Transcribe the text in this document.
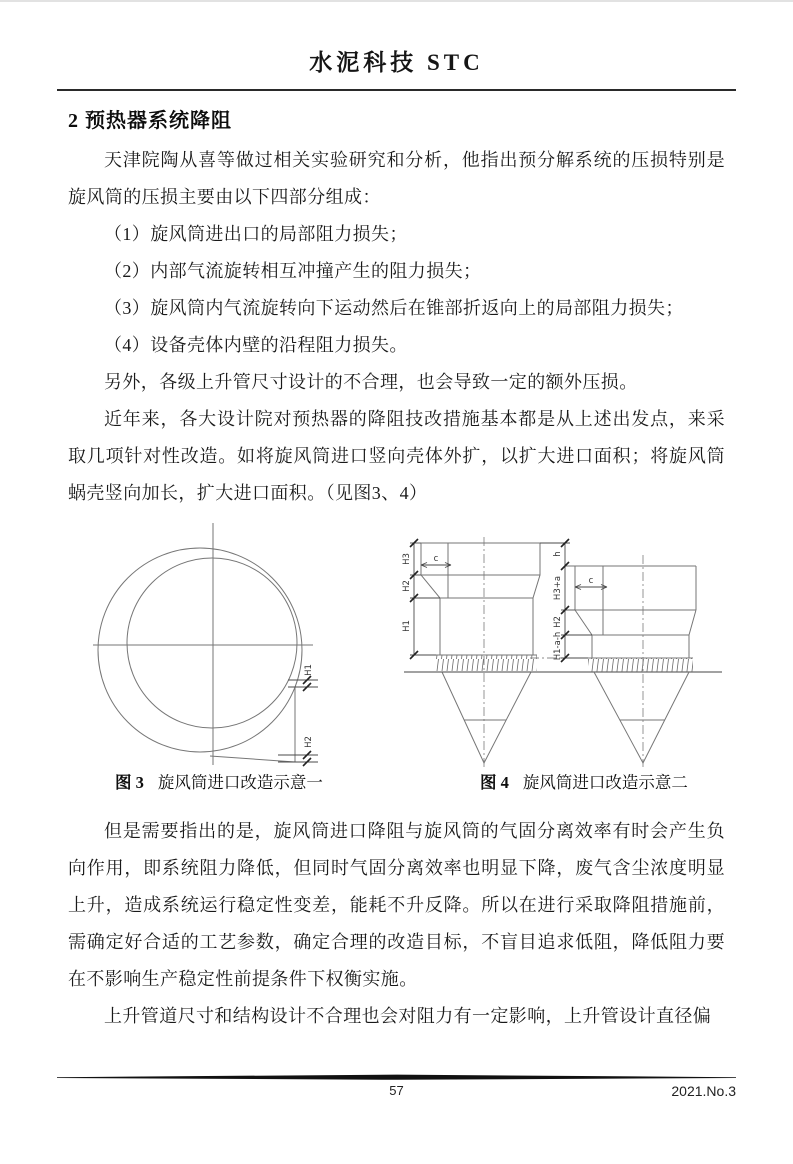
水泥科技 STC
2 预热器系统降阻

天津院陶从喜等做过相关实验研究和分析，他指出预分解系统的压损特别是旋风筒的压损主要由以下四部分组成：

（1）旋风筒进出口的局部阻力损失；

（2）内部气流旋转相互冲撞产生的阻力损失；

（3）旋风筒内气流旋转向下运动然后在锥部折返向上的局部阻力损失；

（4）设备壳体内壁的沿程阻力损失。

另外，各级上升管尺寸设计的不合理，也会导致一定的额外压损。

近年来，各大设计院对预热器的降阻技改措施基本都是从上述出发点，来采取几项针对性改造。如将旋风筒进口竖向壳体外扩，以扩大进口面积；将旋风筒蜗壳竖向加长，扩大进口面积。（见图3、4）

H1
H2
c
H3
H2
H1
c
h
H3+a
H2
H1-a-h
图 3 旋风筒进口改造示意一	图 4 旋风筒进口改造示意二

但是需要指出的是，旋风筒进口降阻与旋风筒的气固分离效率有时会产生负向作用，即系统阻力降低，但同时气固分离效率也明显下降，废气含尘浓度明显上升，造成系统运行稳定性变差，能耗不升反降。所以在进行采取降阻措施前，需确定好合适的工艺参数，确定合理的改造目标，不盲目追求低阻，降低阻力要在不影响生产稳定性前提条件下权衡实施。

上升管道尺寸和结构设计不合理也会对阻力有一定影响，上升管设计直径偏

57	2021.No.3
